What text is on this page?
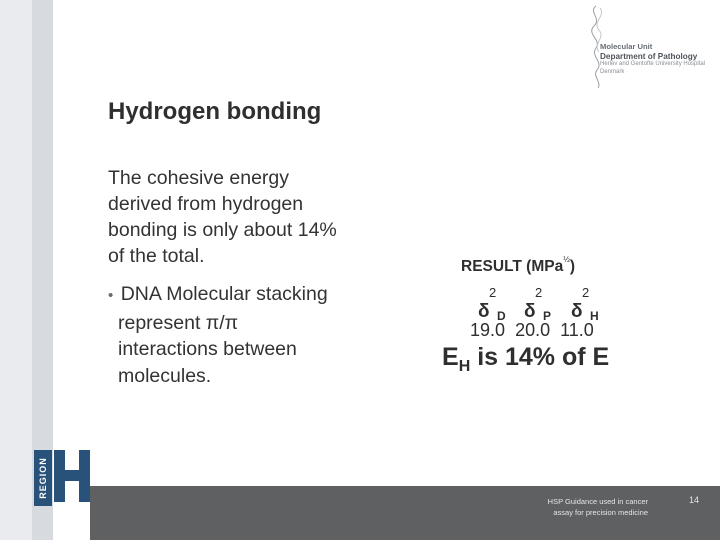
REGION
Molecular Unit
Department of Pathology
Herlev and Gentofte University Hospital
Denmark
Hydrogen bonding
The cohesive energy derived from hydrogen bonding is only about 14% of the total.
• DNA Molecular stacking
represent π/π
interactions between
molecules.
RESULT (MPa$^{\frac{1}{2}}$)
2
δ D
2
δ P
2
δ H
19.0 20.0 11.0
$E_H$ is 14% of E
HSP Guidance used in cancer
assay for precision medicine
14
